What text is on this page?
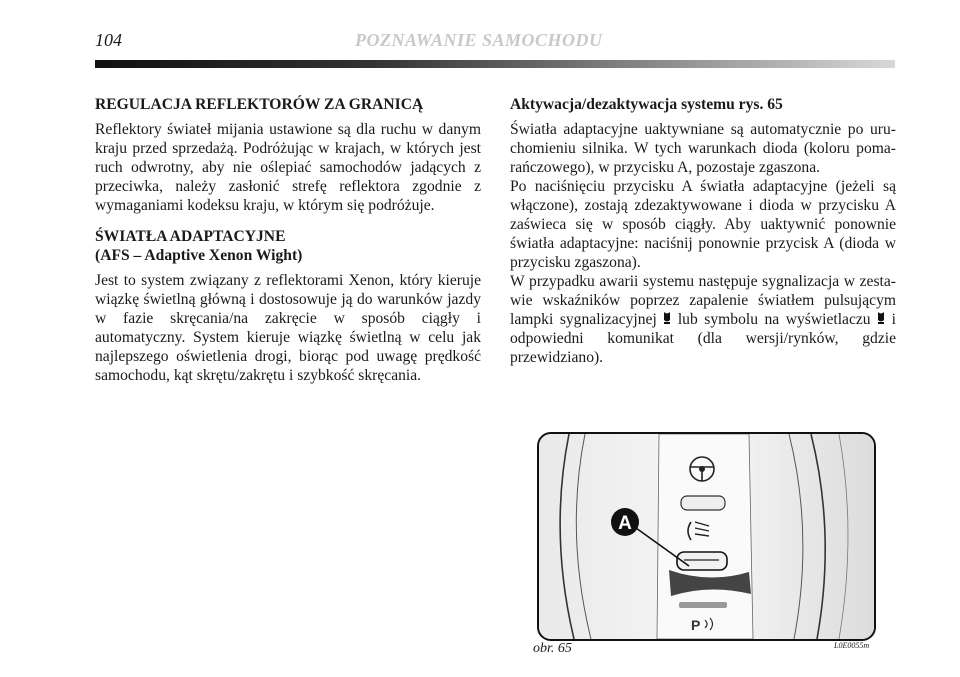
104	POZNAWANIE SAMOCHODU
REGULACJA REFLEKTORÓW ZA GRANICĄ

Reflektory świateł mijania ustawione są dla ruchu w danym kraju przed sprzedażą. Podróżując w krajach, w których jest ruch odwrotny, aby nie oślepiać samochodów jadących z przeciwka, należy zasłonić strefę reflektora zgodnie z wymaganiami kodeksu kraju, w którym się podróżuje.

ŚWIATŁA ADAPTACYJNE
(AFS – Adaptive Xenon Wight)

Jest to system związany z reflektorami Xenon, który kieruje wiązkę świetlną główną i dostosowuje ją do warunków jazdy w fazie skręcania/na zakręcie w sposób ciągły i automatyczny. System kieruje wiązkę świetlną w celu jak najlepszego oświetlenia drogi, biorąc pod uwagę prędkość samochodu, kąt skrętu/zakrętu i szybkość skręcania.

Aktywacja/dezaktywacja systemu rys. 65

Światła adaptacyjne uaktywniane są automatycznie po uruchomieniu silnika. W tych warunkach dioda (koloru pomarańczowego), w przycisku A, pozostaje zgaszona.

Po naciśnięciu przycisku A światła adaptacyjne (jeżeli są włączone), zostają zdezaktywowane i dioda w przycisku A zaświeca się w sposób ciągły. Aby uaktywnić ponownie światła adaptacyjne: naciśnij ponownie przycisk A (dioda w przycisku zgaszona).

W przypadku awarii systemu następuje sygnalizacja w zestawie wskaźników poprzez zapalenie światłem pulsującym lampki sygnalizacyjnej lub symbolu na wyświetlaczu i odpowiedni komunikat (dla wersji/rynków, gdzie przewidziano).

P
A
obr. 65	L0E0055m
